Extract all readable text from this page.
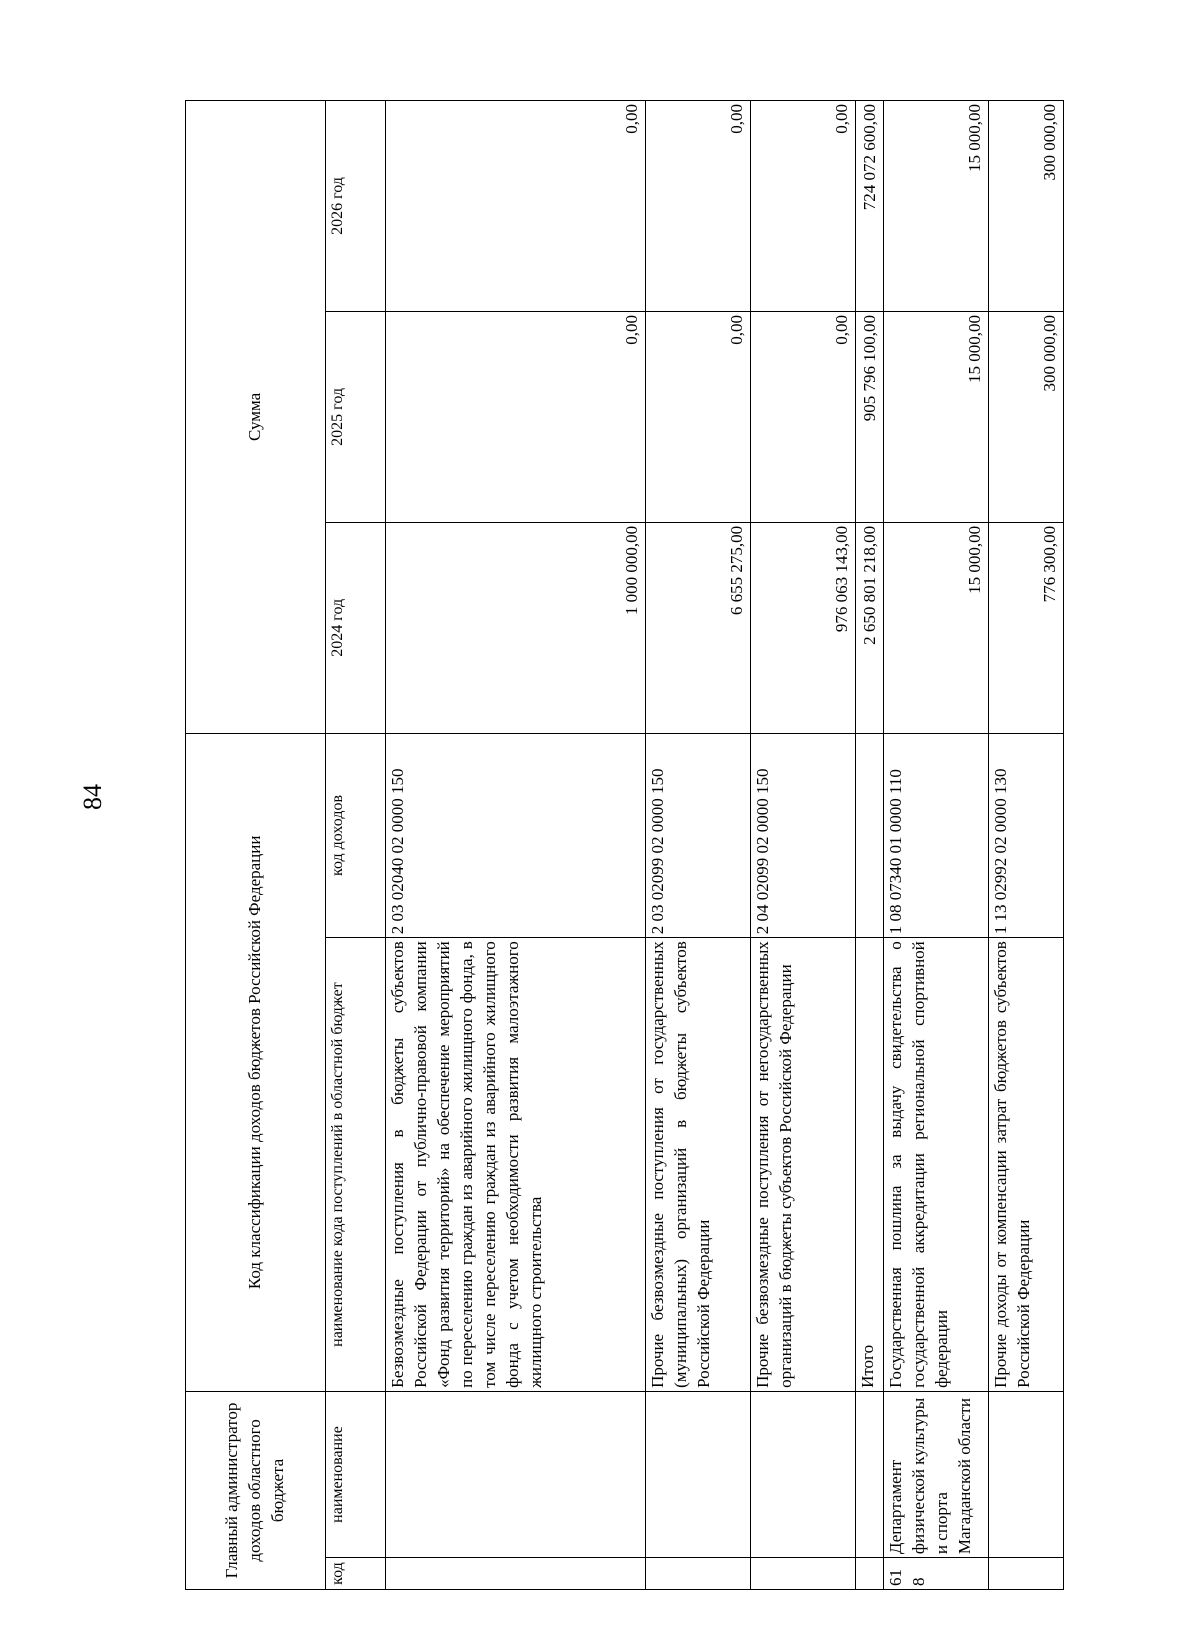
84
Главный администратор доходов областного бюджета		Код классификации доходов бюджетов Российской Федерации		Сумма		
код	наименование	наименование кода поступлений в областной бюджет	код доходов	2024 год	2025 год	2026 год
		Безвозмездные поступления в бюджеты субъектов Российской Федерации от публично-правовой компании «Фонд развития территорий» на обеспечение мероприятий по переселению граждан из аварийного жилищного фонда, в том числе переселению граждан из аварийного жилищного фонда с учетом необходимости развития малоэтажного жилищного строительства	2 03 02040 02 0000 150	1 000 000,00	0,00	0,00
		Прочие безвозмездные поступления от государственных (муниципальных) организаций в бюджеты субъектов Российской Федерации	2 03 02099 02 0000 150	6 655 275,00	0,00	0,00
		Прочие безвозмездные поступления от негосударственных организаций в бюджеты субъектов Российской Федерации	2 04 02099 02 0000 150	976 063 143,00	0,00	0,00
		Итого		2 650 801 218,00	905 796 100,00	724 072 600,00
618	Департамент физической культуры и спорта Магаданской области	Государственная пошлина за выдачу свидетельства о государственной аккредитации региональной спортивной федерации	1 08 07340 01 0000 110	15 000,00	15 000,00	15 000,00
		Прочие доходы от компенсации затрат бюджетов субъектов Российской Федерации	1 13 02992 02 0000 130	776 300,00	300 000,00	300 000,00
